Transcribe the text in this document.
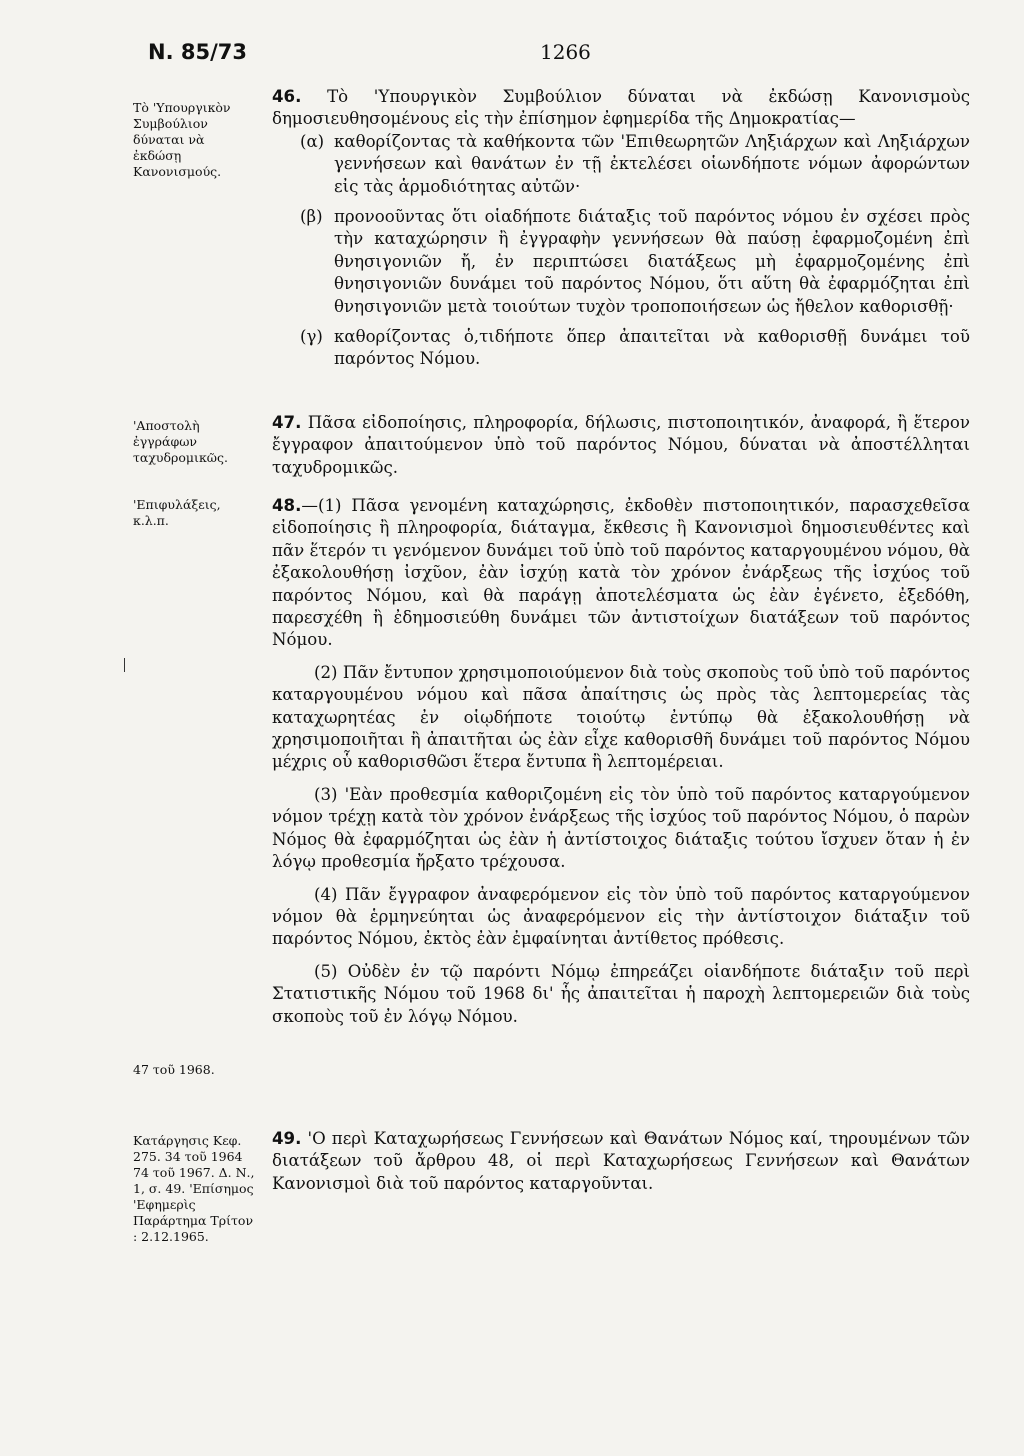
Ν. 85/73	1266
Τὸ 'Υπουργικὸν Συμβούλιον δύναται νὰ ἐκδώσῃ Κανονισμούς.
'Αποστολὴ ἐγγράφων ταχυδρομικῶς.
'Επιφυλάξεις, κ.λ.π.
47 τοῦ 1968.
Κατάργησις Κεφ. 275. 34 τοῦ 1964 74 τοῦ 1967. Δ. Ν., 1, σ. 49. 'Επίσημος 'Εφημερὶς Παράρτημα Τρίτον : 2.12.1965.

46. Τὸ 'Υπουργικὸν Συμβούλιον δύναται νὰ ἐκδώσῃ Κανονισμοὺς δημοσιευθησομένους εἰς τὴν ἐπίσημον ἐφημερίδα τῆς Δημοκρατίας—

(α) καθορίζοντας τὰ καθήκοντα τῶν 'Επιθεωρητῶν Ληξιάρχων καὶ Ληξιάρχων γεννήσεων καὶ θανάτων ἐν τῇ ἐκτελέσει οἱωνδήποτε νόμων ἀφορώντων εἰς τὰς ἁρμοδιότητας αὐτῶν·
(β) προνοοῦντας ὅτι οἱαδήποτε διάταξις τοῦ παρόντος νόμου ἐν σχέσει πρὸς τὴν καταχώρησιν ἢ ἐγγραφὴν γεννήσεων θὰ παύσῃ ἐφαρμοζομένη ἐπὶ θνησιγονιῶν ἤ, ἐν περιπτώσει διατάξεως μὴ ἐφαρμοζομένης ἐπὶ θνησιγονιῶν δυνάμει τοῦ παρόντος Νόμου, ὅτι αὕτη θὰ ἐφαρμόζηται ἐπὶ θνησιγονιῶν μετὰ τοιούτων τυχὸν τροποποιήσεων ὡς ἤθελον καθορισθῇ·
(γ) καθορίζοντας ὁ,τιδήποτε ὅπερ ἀπαιτεῖται νὰ καθορισθῇ δυνάμει τοῦ παρόντος Νόμου.

47. Πᾶσα εἰδοποίησις, πληροφορία, δήλωσις, πιστοποιητικόν, ἀναφορά, ἢ ἕτερον ἔγγραφον ἀπαιτούμενον ὑπὸ τοῦ παρόντος Νόμου, δύναται νὰ ἀποστέλληται ταχυδρομικῶς.

48.—(1) Πᾶσα γενομένη καταχώρησις, ἐκδοθὲν πιστοποιητικόν, παρασχεθεῖσα εἰδοποίησις ἢ πληροφορία, διάταγμα, ἔκθεσις ἢ Κανονισμοὶ δημοσιευθέντες καὶ πᾶν ἕτερόν τι γενόμενον δυνάμει τοῦ ὑπὸ τοῦ παρόντος καταργουμένου νόμου, θὰ ἐξακολουθήσῃ ἰσχῦον, ἐὰν ἰσχύῃ κατὰ τὸν χρόνον ἐνάρξεως τῆς ἰσχύος τοῦ παρόντος Νόμου, καὶ θὰ παράγῃ ἀποτελέσματα ὡς ἐὰν ἐγένετο, ἐξεδόθη, παρεσχέθη ἢ ἐδημοσιεύθη δυνάμει τῶν ἀντιστοίχων διατάξεων τοῦ παρόντος Νόμου.

(2) Πᾶν ἔντυπον χρησιμοποιούμενον διὰ τοὺς σκοποὺς τοῦ ὑπὸ τοῦ παρόντος καταργουμένου νόμου καὶ πᾶσα ἀπαίτησις ὡς πρὸς τὰς λεπτομερείας τὰς καταχωρητέας ἐν οἱῳδήποτε τοιούτῳ ἐντύπῳ θὰ ἐξακολουθήσῃ νὰ χρησιμοποιῆται ἢ ἀπαιτῆται ὡς ἐὰν εἶχε καθορισθῆ δυνάμει τοῦ παρόντος Νόμου μέχρις οὗ καθορισθῶσι ἕτερα ἔντυπα ἢ λεπτομέρειαι.

(3) 'Εὰν προθεσμία καθοριζομένη εἰς τὸν ὑπὸ τοῦ παρόντος καταργούμενον νόμον τρέχῃ κατὰ τὸν χρόνον ἐνάρξεως τῆς ἰσχύος τοῦ παρόντος Νόμου, ὁ παρὼν Νόμος θὰ ἐφαρμόζηται ὡς ἐὰν ἡ ἀντίστοιχος διάταξις τούτου ἴσχυεν ὅταν ἡ ἐν λόγῳ προθεσμία ἤρξατο τρέχουσα.

(4) Πᾶν ἔγγραφον ἀναφερόμενον εἰς τὸν ὑπὸ τοῦ παρόντος καταργούμενον νόμον θὰ ἑρμηνεύηται ὡς ἀναφερόμενον εἰς τὴν ἀντίστοιχον διάταξιν τοῦ παρόντος Νόμου, ἐκτὸς ἐὰν ἐμφαίνηται ἀντίθετος πρόθεσις.

(5) Οὐδὲν ἐν τῷ παρόντι Νόμῳ ἐπηρεάζει οἱανδήποτε διάταξιν τοῦ περὶ Στατιστικῆς Νόμου τοῦ 1968 δι' ἧς ἀπαιτεῖται ἡ παροχὴ λεπτομερειῶν διὰ τοὺς σκοποὺς τοῦ ἐν λόγῳ Νόμου.

49. 'Ο περὶ Καταχωρήσεως Γεννήσεων καὶ Θανάτων Νόμος καί, τηρουμένων τῶν διατάξεων τοῦ ἄρθρου 48, οἱ περὶ Καταχωρήσεως Γεννήσεων καὶ Θανάτων Κανονισμοὶ διὰ τοῦ παρόντος καταργοῦνται.
